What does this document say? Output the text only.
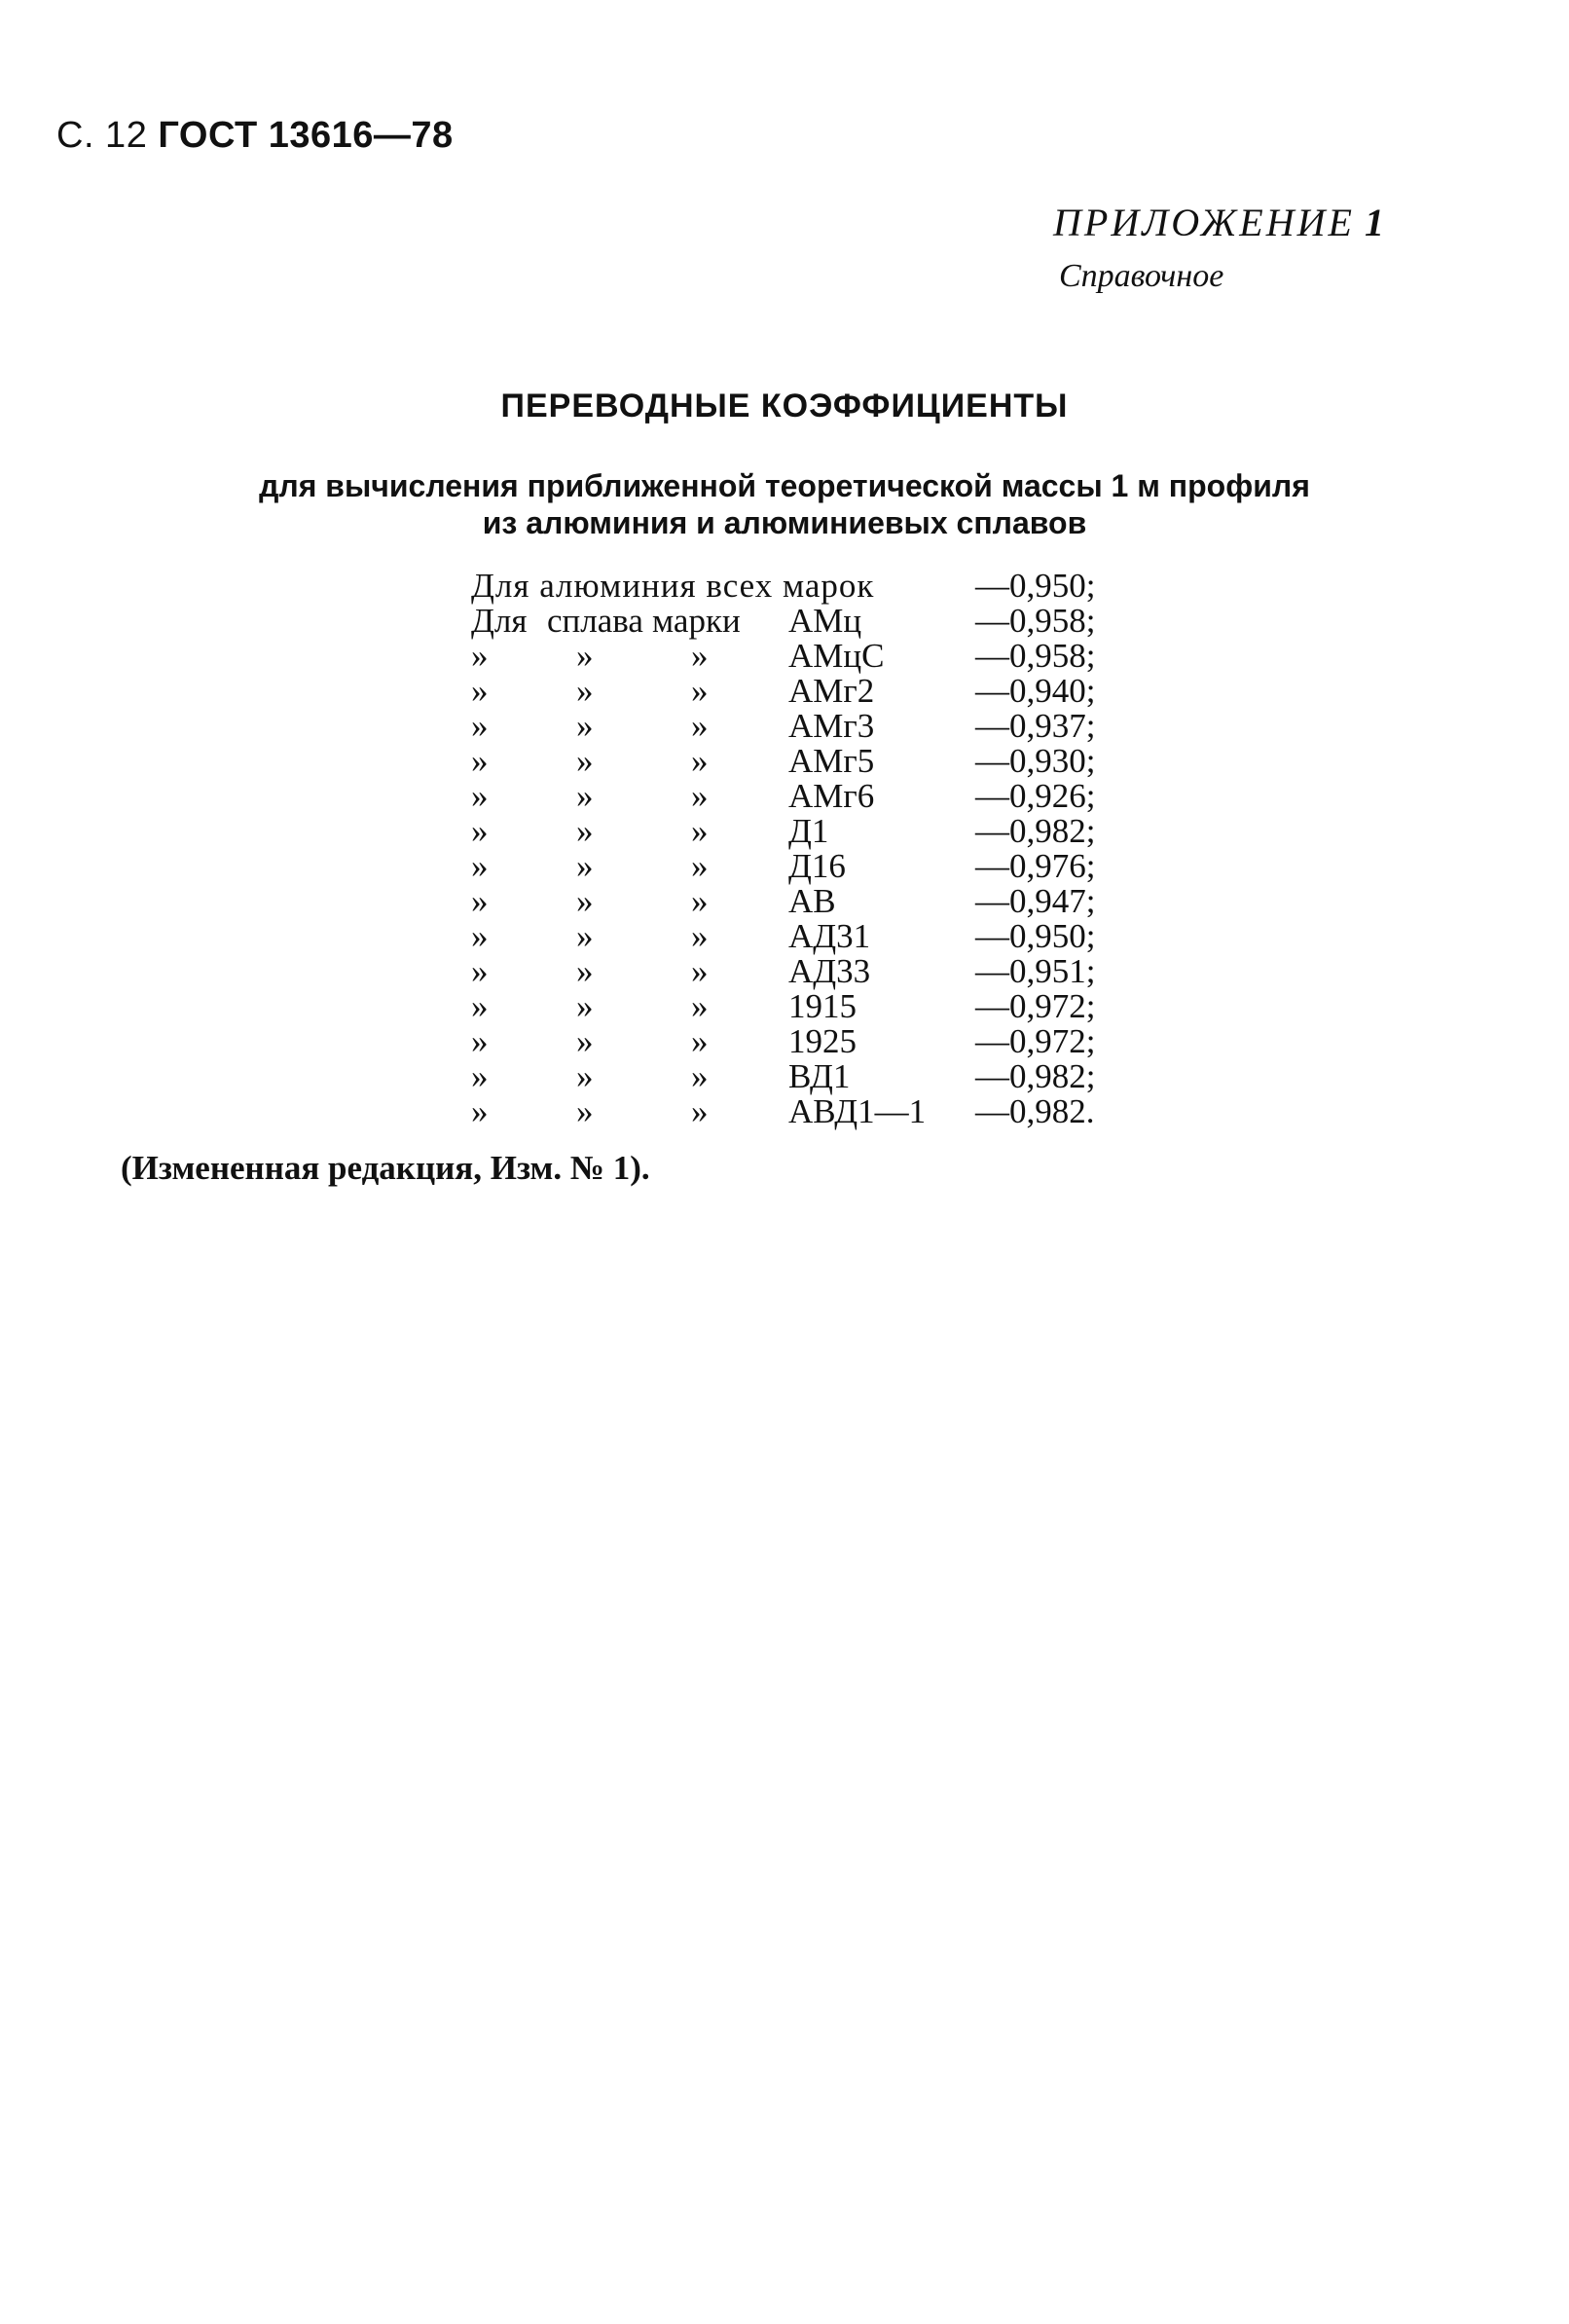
С. 12 ГОСТ 13616—78
ПРИЛОЖЕНИЕ 1
Справочное
ПЕРЕВОДНЫЕ КОЭФФИЦИЕНТЫ
для вычисления приближенной теоретической массы 1 м профиля
из алюминия и алюминиевых сплавов
Для алюминия всех марок				—0,950;
Для	сплава	марки	АМц	—0,958;
»	»	»	АМцС	—0,958;
»	»	»	АМг2	—0,940;
»	»	»	АМг3	—0,937;
»	»	»	АМг5	—0,930;
»	»	»	АМг6	—0,926;
»	»	»	Д1	—0,982;
»	»	»	Д16	—0,976;
»	»	»	АВ	—0,947;
»	»	»	АД31	—0,950;
»	»	»	АД33	—0,951;
»	»	»	1915	—0,972;
»	»	»	1925	—0,972;
»	»	»	ВД1	—0,982;
»	»	»	АВД1—1	—0,982.
(Измененная редакция, Изм. № 1).
